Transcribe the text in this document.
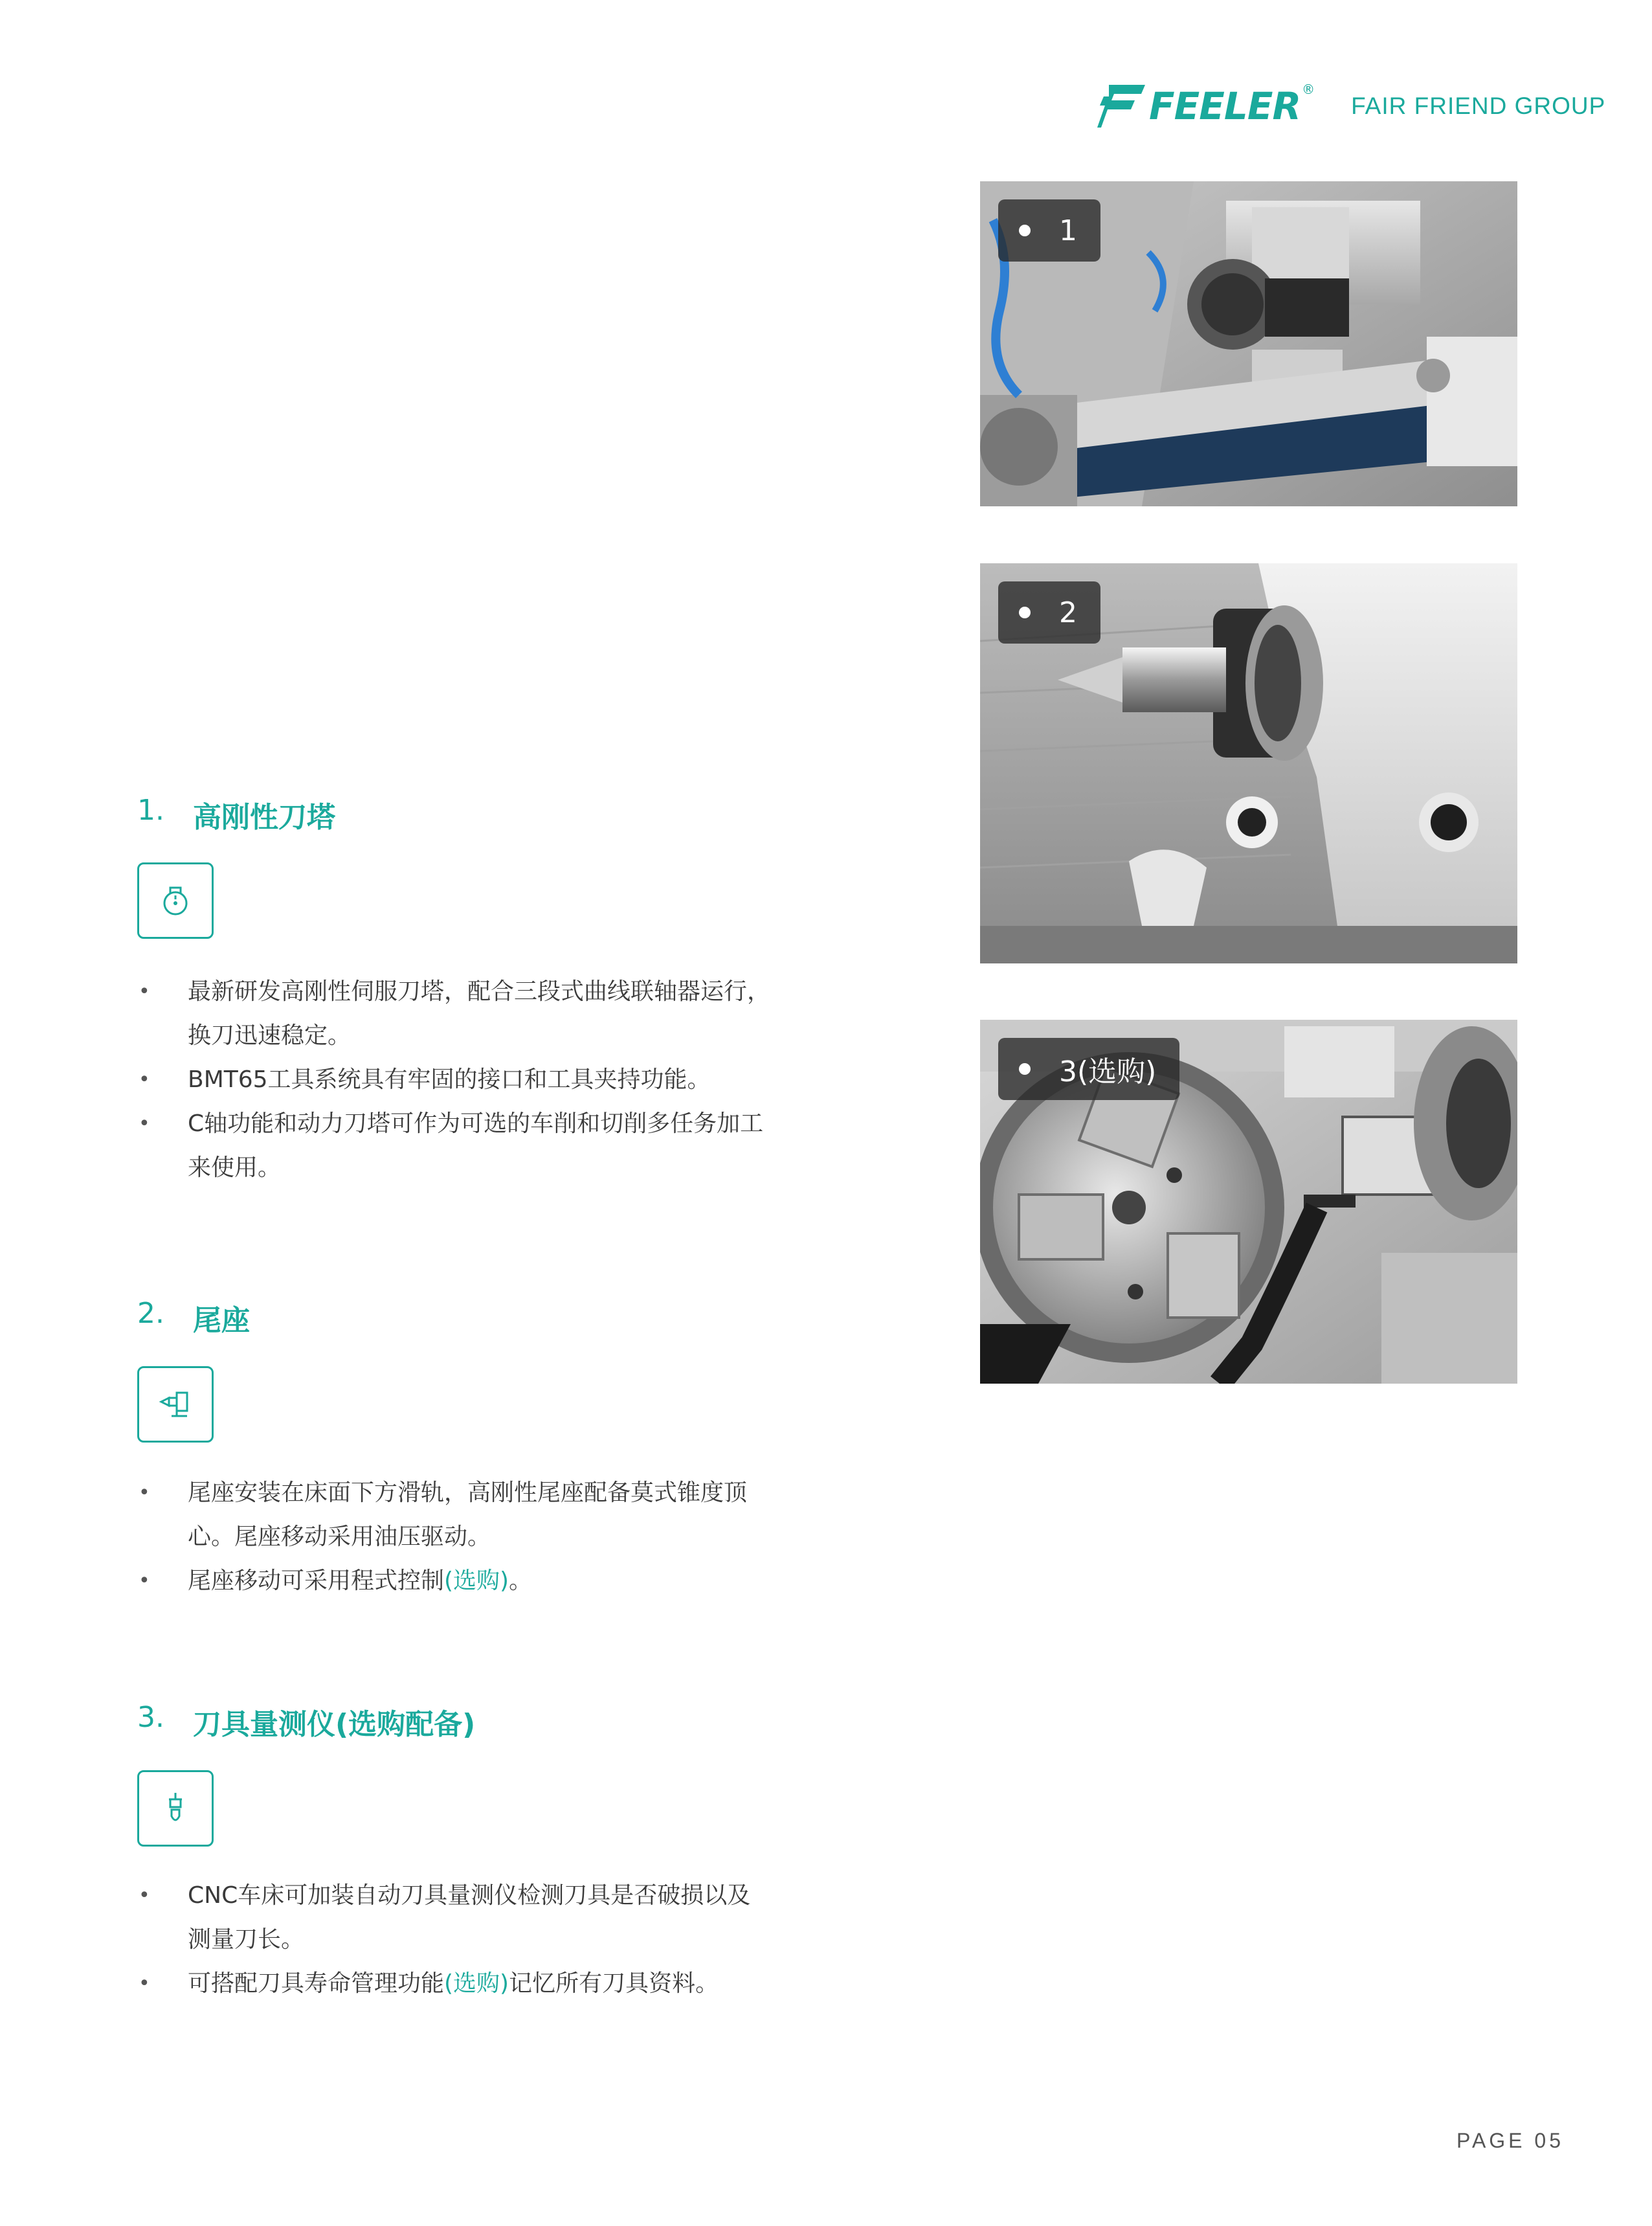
FEELER ®
FAIR FRIEND GROUP
1
2
3(选购)
1.	高刚性刀塔
• 最新研发高刚性伺服刀塔，配合三段式曲线联轴器运行，换刀迅速稳定。
• BMT65工具系统具有牢固的接口和工具夹持功能。
• C轴功能和动力刀塔可作为可选的车削和切削多任务加工来使用。
2.	尾座
• 尾座安装在床面下方滑轨，高刚性尾座配备莫式锥度顶心。尾座移动采用油压驱动。
• 尾座移动可采用程式控制(选购)。
3.	刀具量测仪(选购配备)
• CNC车床可加装自动刀具量测仪检测刀具是否破损以及测量刀长。
• 可搭配刀具寿命管理功能(选购)记忆所有刀具资料。
PAGE 05
